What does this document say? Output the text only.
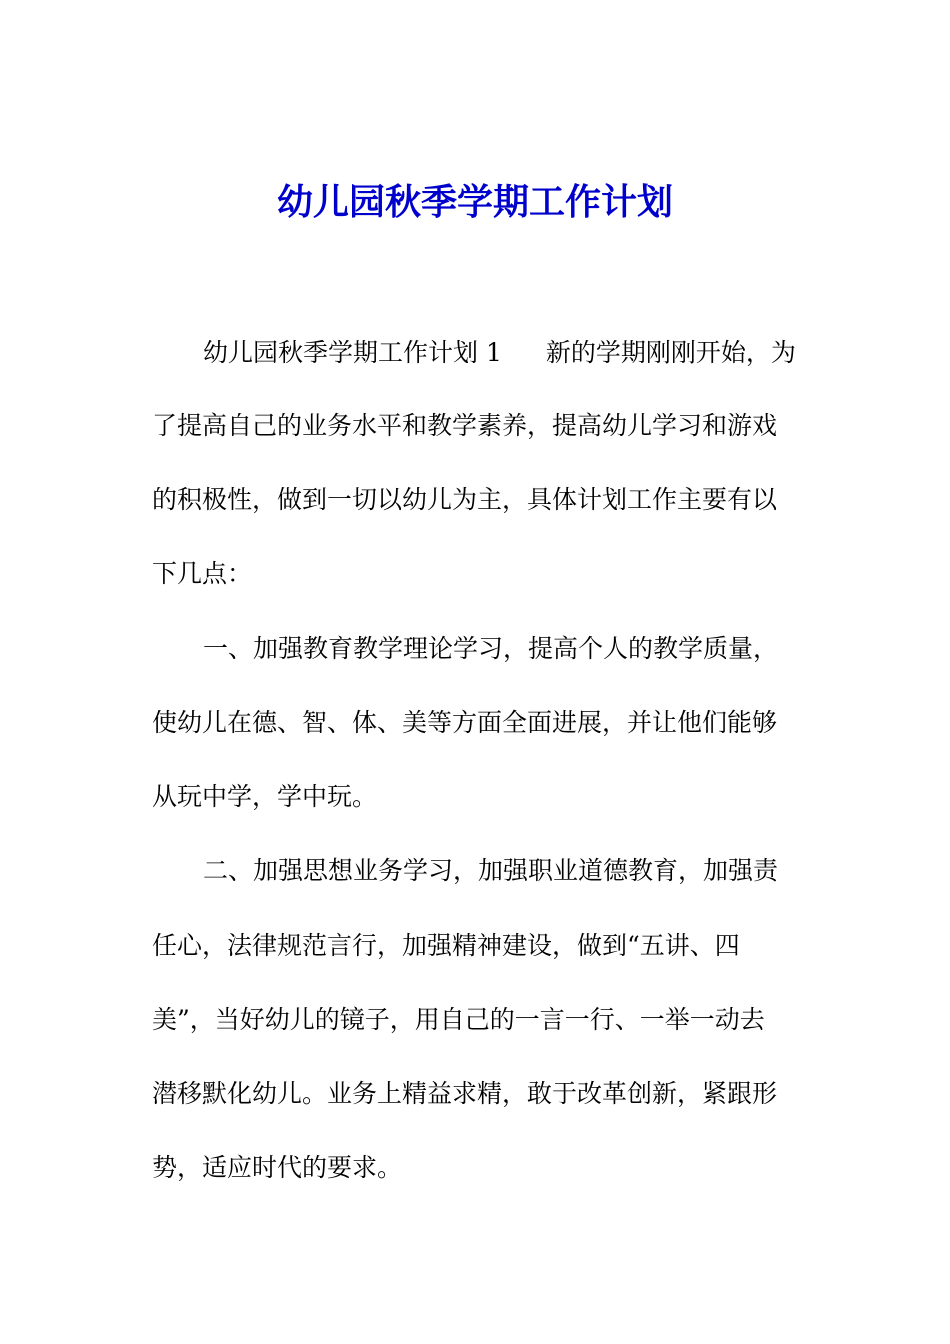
幼儿园秋季学期工作计划
幼儿园秋季学期工作计划 1 新的学期刚刚开始，为
了提高自己的业务水平和教学素养，提高幼儿学习和游戏
的积极性，做到一切以幼儿为主，具体计划工作主要有以
下几点：
一、加强教育教学理论学习，提高个人的教学质量，
使幼儿在德、智、体、美等方面全面进展，并让他们能够
从玩中学，学中玩。
二、加强思想业务学习，加强职业道德教育，加强责
任心，法律规范言行，加强精神建设，做到“五讲、四
美”，当好幼儿的镜子，用自己的一言一行、一举一动去
潜移默化幼儿。业务上精益求精，敢于改革创新，紧跟形
势，适应时代的要求。
